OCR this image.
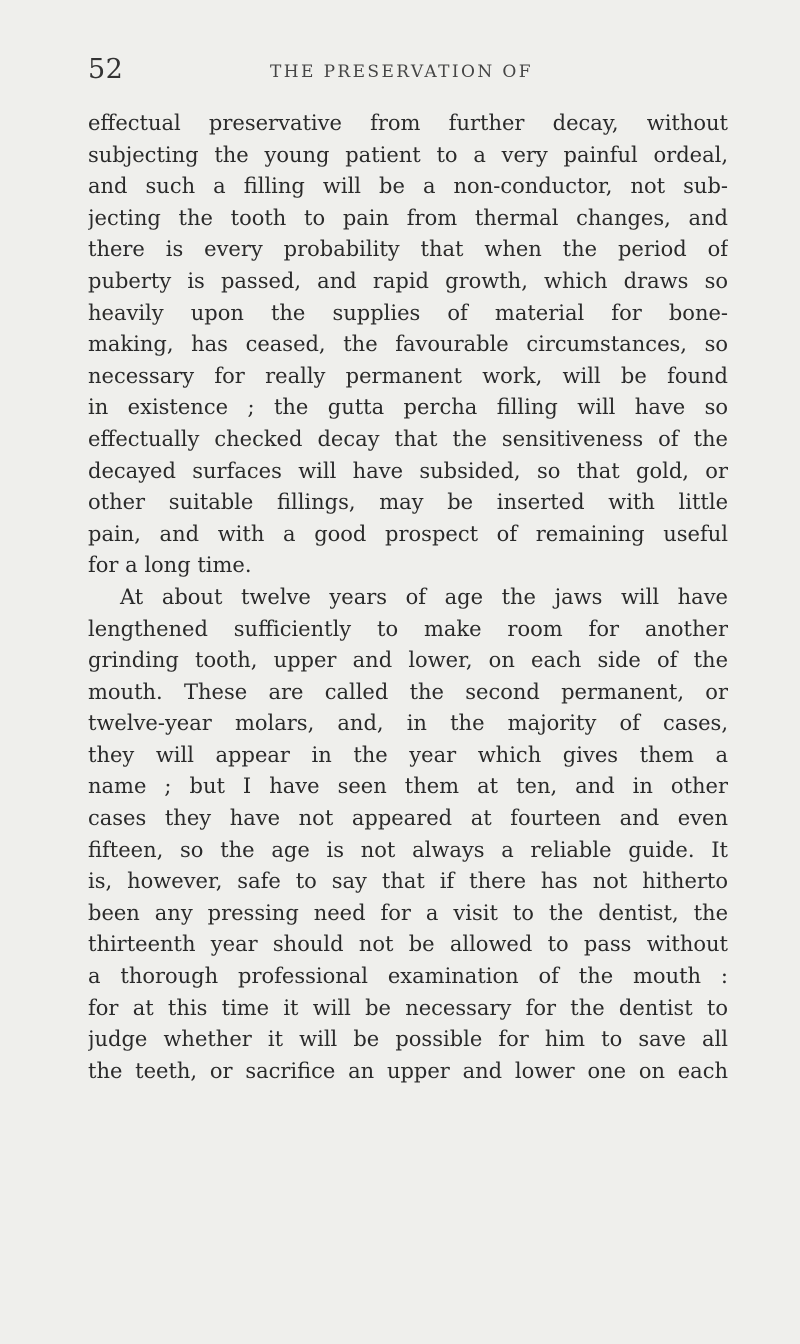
52	THE PRESERVATION OF
effectual preservative from further decay, without
subjecting the young patient to a very painful ordeal,
and such a filling will be a non-conductor, not sub-
jecting the tooth to pain from thermal changes, and
there is every probability that when the period of
puberty is passed, and rapid growth, which draws so
heavily upon the supplies of material for bone-
making, has ceased, the favourable circumstances, so
necessary for really permanent work, will be found
in existence ; the gutta percha filling will have so
effectually checked decay that the sensitiveness of the
decayed surfaces will have subsided, so that gold, or
other suitable fillings, may be inserted with little
pain, and with a good prospect of remaining useful
for a long time.
At about twelve years of age the jaws will have
lengthened sufficiently to make room for another
grinding tooth, upper and lower, on each side of the
mouth. These are called the second permanent, or
twelve-year molars, and, in the majority of cases,
they will appear in the year which gives them a
name ; but I have seen them at ten, and in other
cases they have not appeared at fourteen and even
fifteen, so the age is not always a reliable guide. It
is, however, safe to say that if there has not hitherto
been any pressing need for a visit to the dentist, the
thirteenth year should not be allowed to pass without
a thorough professional examination of the mouth :
for at this time it will be necessary for the dentist to
judge whether it will be possible for him to save all
the teeth, or sacrifice an upper and lower one on each
